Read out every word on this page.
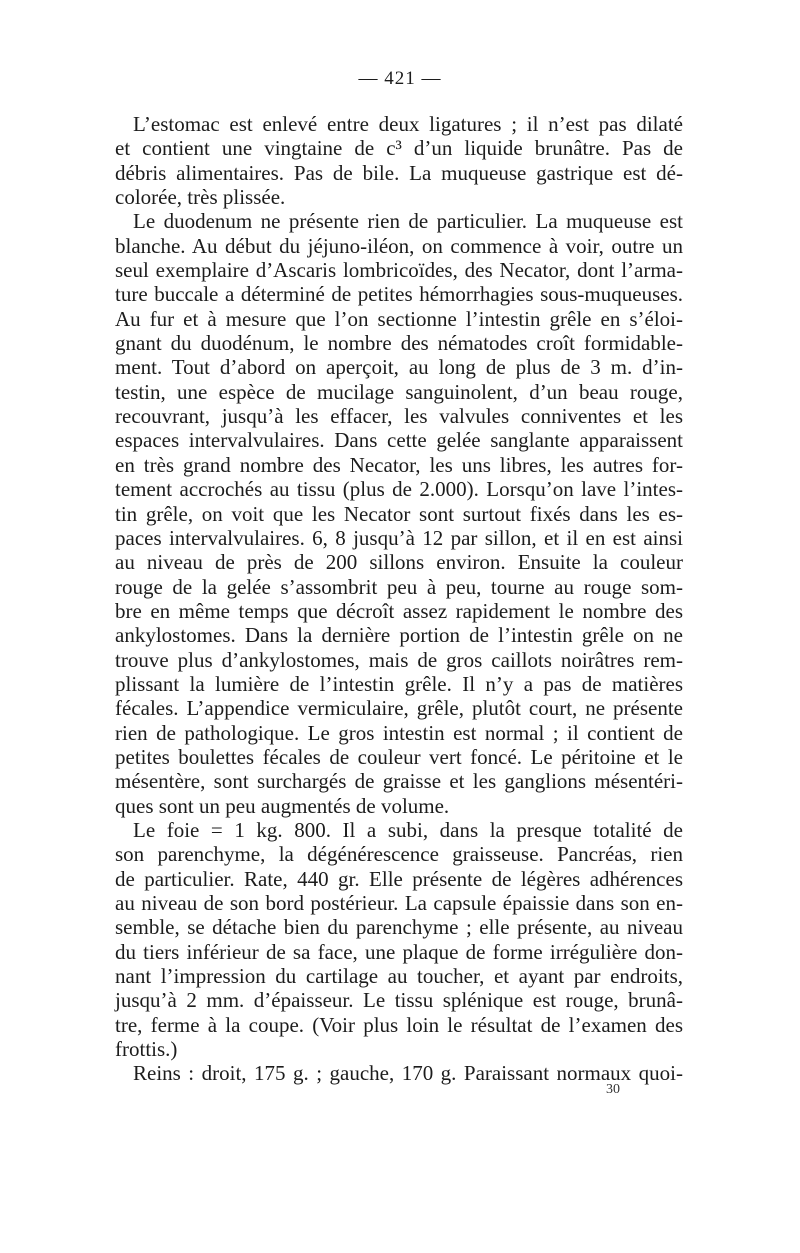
— 421 —
L’estomac est enlevé entre deux ligatures ; il n’est pas dilaté
et contient une vingtaine de c³ d’un liquide brunâtre. Pas de
débris alimentaires. Pas de bile. La muqueuse gastrique est dé-
colorée, très plissée.
Le duodenum ne présente rien de particulier. La muqueuse est
blanche. Au début du jéjuno-iléon, on commence à voir, outre un
seul exemplaire d’Ascaris lombricoïdes, des Necator, dont l’arma-
ture buccale a déterminé de petites hémorrhagies sous-muqueuses.
Au fur et à mesure que l’on sectionne l’intestin grêle en s’éloi-
gnant du duodénum, le nombre des nématodes croît formidable-
ment. Tout d’abord on aperçoit, au long de plus de 3 m. d’in-
testin, une espèce de mucilage sanguinolent, d’un beau rouge,
recouvrant, jusqu’à les effacer, les valvules conniventes et les
espaces intervalvulaires. Dans cette gelée sanglante apparaissent
en très grand nombre des Necator, les uns libres, les autres for-
tement accrochés au tissu (plus de 2.000). Lorsqu’on lave l’intes-
tin grêle, on voit que les Necator sont surtout fixés dans les es-
paces intervalvulaires. 6, 8 jusqu’à 12 par sillon, et il en est ainsi
au niveau de près de 200 sillons environ. Ensuite la couleur
rouge de la gelée s’assombrit peu à peu, tourne au rouge som-
bre en même temps que décroît assez rapidement le nombre des
ankylostomes. Dans la dernière portion de l’intestin grêle on ne
trouve plus d’ankylostomes, mais de gros caillots noirâtres rem-
plissant la lumière de l’intestin grêle. Il n’y a pas de matières
fécales. L’appendice vermiculaire, grêle, plutôt court, ne présente
rien de pathologique. Le gros intestin est normal ; il contient de
petites boulettes fécales de couleur vert foncé. Le péritoine et le
mésentère, sont surchargés de graisse et les ganglions mésentéri-
ques sont un peu augmentés de volume.
Le foie = 1 kg. 800. Il a subi, dans la presque totalité de
son parenchyme, la dégénérescence graisseuse. Pancréas, rien
de particulier. Rate, 440 gr. Elle présente de légères adhérences
au niveau de son bord postérieur. La capsule épaissie dans son en-
semble, se détache bien du parenchyme ; elle présente, au niveau
du tiers inférieur de sa face, une plaque de forme irrégulière don-
nant l’impression du cartilage au toucher, et ayant par endroits,
jusqu’à 2 mm. d’épaisseur. Le tissu splénique est rouge, brunâ-
tre, ferme à la coupe. (Voir plus loin le résultat de l’examen des
frottis.)
Reins : droit, 175 g. ; gauche, 170 g. Paraissant normaux quoi-
30
